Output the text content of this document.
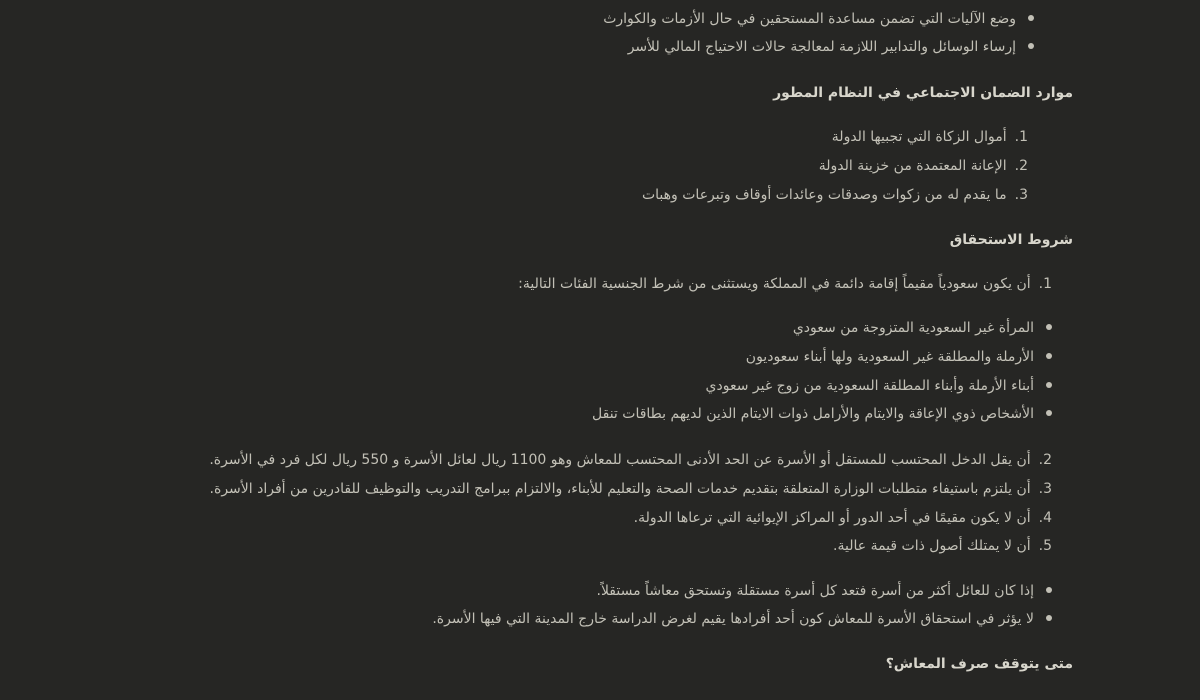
وضع الآليات التي تضمن مساعدة المستحقين في حال الأزمات والكوارث
إرساء الوسائل والتدابير اللازمة لمعالجة حالات الاحتياج المالي للأسر
موارد الضمان الاجتماعي في النظام المطور
1.أموال الزكاة التي تجبيها الدولة
2.الإعانة المعتمدة من خزينة الدولة
3.ما يقدم له من زكوات وصدقات وعائدات أوقاف وتبرعات وهبات
شروط الاستحقاق
1.أن يكون سعودياً مقيماً إقامة دائمة في المملكة ويستثنى من شرط الجنسية الفئات التالية:
المرأة غير السعودية المتزوجة من سعودي
الأرملة والمطلقة غير السعودية ولها أبناء سعوديون
أبناء الأرملة وأبناء المطلقة السعودية من زوج غير سعودي
الأشخاص ذوي الإعاقة والايتام والأرامل ذوات الايتام الذين لديهم بطاقات تنقل
2.أن يقل الدخل المحتسب للمستقل أو الأسرة عن الحد الأدنى المحتسب للمعاش وهو 1100 ريال لعائل الأسرة و 550 ريال لكل فرد في الأسرة.
3.أن يلتزم باستيفاء متطلبات الوزارة المتعلقة بتقديم خدمات الصحة والتعليم للأبناء، والالتزام ببرامج التدريب والتوظيف للقادرين من أفراد الأسرة.
4.أن لا يكون مقيمًا في أحد الدور أو المراكز الإيوائية التي ترعاها الدولة.
5.أن لا يمتلك أصول ذات قيمة عالية.
إذا كان للعائل أكثر من أسرة فتعد كل أسرة مستقلة وتستحق معاشاً مستقلاً.
لا يؤثر في استحقاق الأسرة للمعاش كون أحد أفرادها يقيم لغرض الدراسة خارج المدينة التي فيها الأسرة.
متى يتوقف صرف المعاش؟
